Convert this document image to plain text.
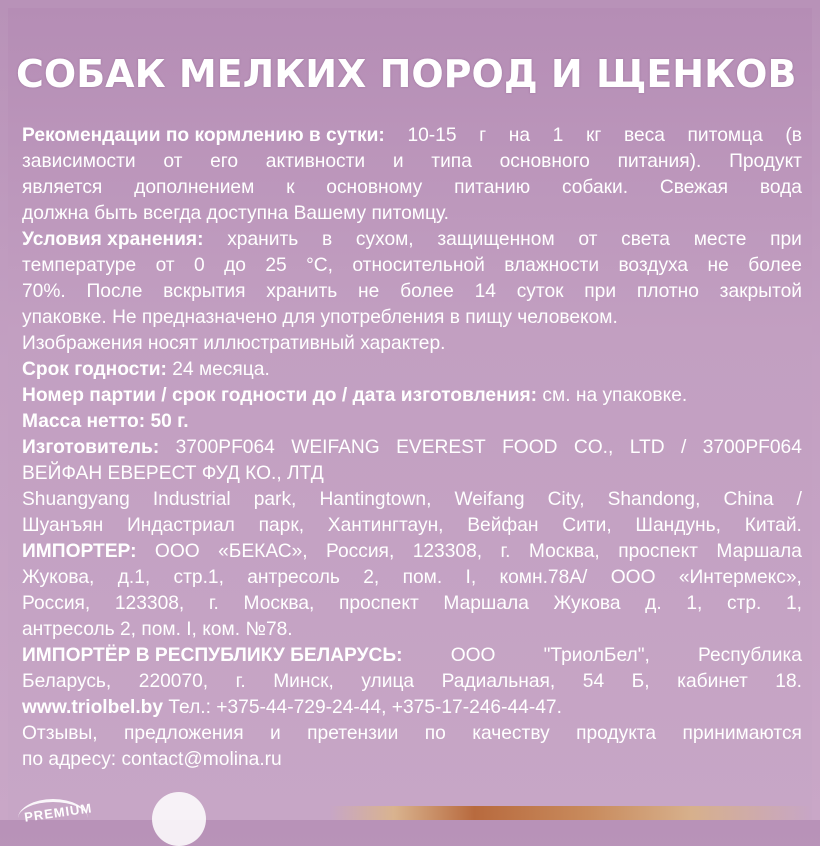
СОБАК МЕЛКИХ ПОРОД И ЩЕНКОВ
Рекомендации по кормлению в сутки: 10-15 г на 1 кг веса питомца (в
зависимости от его активности и типа основного питания). Продукт
является дополнением к основному питанию собаки. Свежая вода
должна быть всегда доступна Вашему питомцу.
Условия хранения: хранить в сухом, защищенном от света месте при
температуре от 0 до 25 °С, относительной влажности воздуха не более
70%. После вскрытия хранить не более 14 суток при плотно закрытой
упаковке. Не предназначено для употребления в пищу человеком.
Изображения носят иллюстративный характер.
Срок годности: 24 месяца.
Номер партии / срок годности до / дата изготовления: см. на упаковке.
Масса нетто: 50 г.
Изготовитель: 3700PF064 WEIFANG EVEREST FOOD CO., LTD / 3700PF064
ВЕЙФАН ЕВЕРЕСТ ФУД КО., ЛТД
Shuangyang Industrial park, Hantingtown, Weifang City, Shandong, China /
Шуанъян Индастриал парк, Хантингтаун, Вейфан Сити, Шандунь, Китай.
ИМПОРТЕР: ООО «БЕКАС», Россия, 123308, г. Москва, проспект Маршала
Жукова, д.1, стр.1, антресоль 2, пом. I, комн.78А/ ООО «Интермекс»,
Россия, 123308, г. Москва, проспект Маршала Жукова д. 1, стр. 1,
антресоль 2, пом. I, ком. №78.
ИМПОРТЁР В РЕСПУБЛИКУ БЕЛАРУСЬ:	ООО	"ТриолБел",	Республика
Беларусь, 220070, г. Минск, улица Радиальная, 54 Б, кабинет 18.
www.triolbel.by Тел.: +375-44-729-24-44, +375-17-246-44-47.
Отзывы, предложения и претензии по качеству продукта принимаются
по адресу: contact@molina.ru
PREMIUM
